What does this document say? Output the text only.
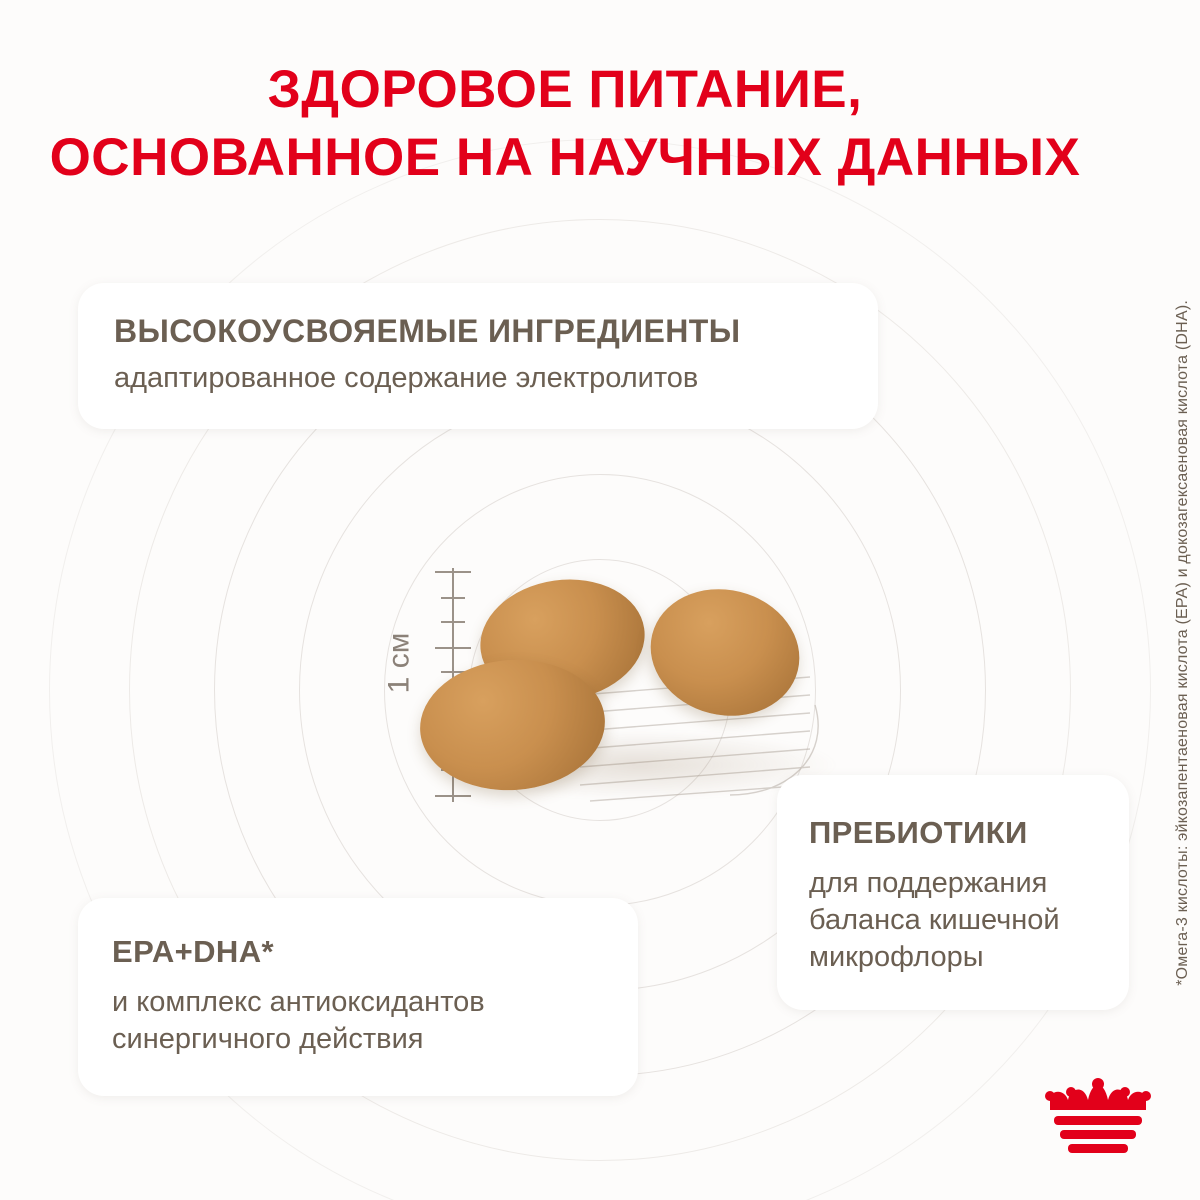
ЗДОРОВОЕ ПИТАНИЕ,
ОСНОВАННОЕ НА НАУЧНЫХ ДАННЫХ
1 см
ВЫСОКОУСВОЯЕМЫЕ ИНГРЕДИЕНТЫ
адаптированное содержание электролитов
ПРЕБИОТИКИ
для поддержания баланса кишечной микрофлоры
EPA+DHA*
и комплекс антиоксидантов синергичного действия
*Омега-3 кислоты: эйкозапентаеновая кислота (EPA) и докозагексаеновая кислота (DHA).
